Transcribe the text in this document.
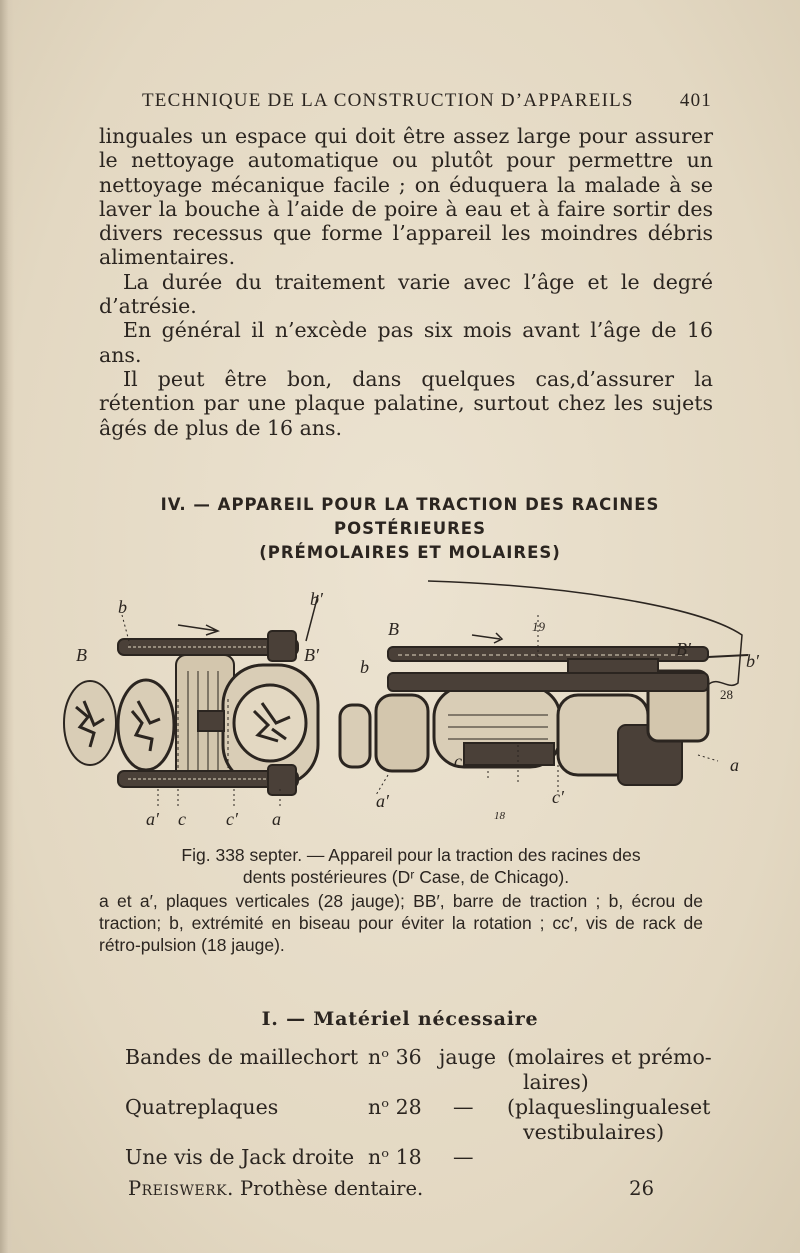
TECHNIQUE DE LA CONSTRUCTION D’APPAREILS 401

linguales un espace qui doit être assez large pour assurer le nettoyage automatique ou plutôt pour permettre un nettoyage mécanique facile ; on éduquera la malade à se laver la bouche à l’aide de poire à eau et à faire sortir des divers recessus que forme l’appareil les moindres débris alimentaires.

La durée du traitement varie avec l’âge et le degré d’atrésie.

En général il n’excède pas six mois avant l’âge de 16 ans.

Il peut être bon, dans quelques cas,d’assurer la rétention par une plaque palatine, surtout chez les sujets âgés de plus de 16 ans.

IV. — APPAREIL POUR LA TRACTION DES RACINES POSTÉRIEURES
(PRÉMOLAIRES ET MOLAIRES)
b	b′
B	B′
a′ c c′ a
B
b
19
B′
b′
28
a
a′
c
c′
18
Fig. 338 septer. — Appareil pour la traction des racines des
dents postérieures (Dʳ Case, de Chicago).
a et a′, plaques verticales (28 jauge); BB′, barre de traction ; b, écrou de traction; b, extrémité en biseau pour éviter la rotation ; cc′, vis de rack de rétro-pulsion (18 jauge).
I. — Matériel nécessaire
Bandes de maillechort nᵒ 36 jauge (molaires et prémo-
laires)
Quatreplaques	nᵒ 28 — (plaqueslingualeset
vestibulaires)
Une vis de Jack droite nᵒ 18 —
Preiswerk. Prothèse dentaire.	26
